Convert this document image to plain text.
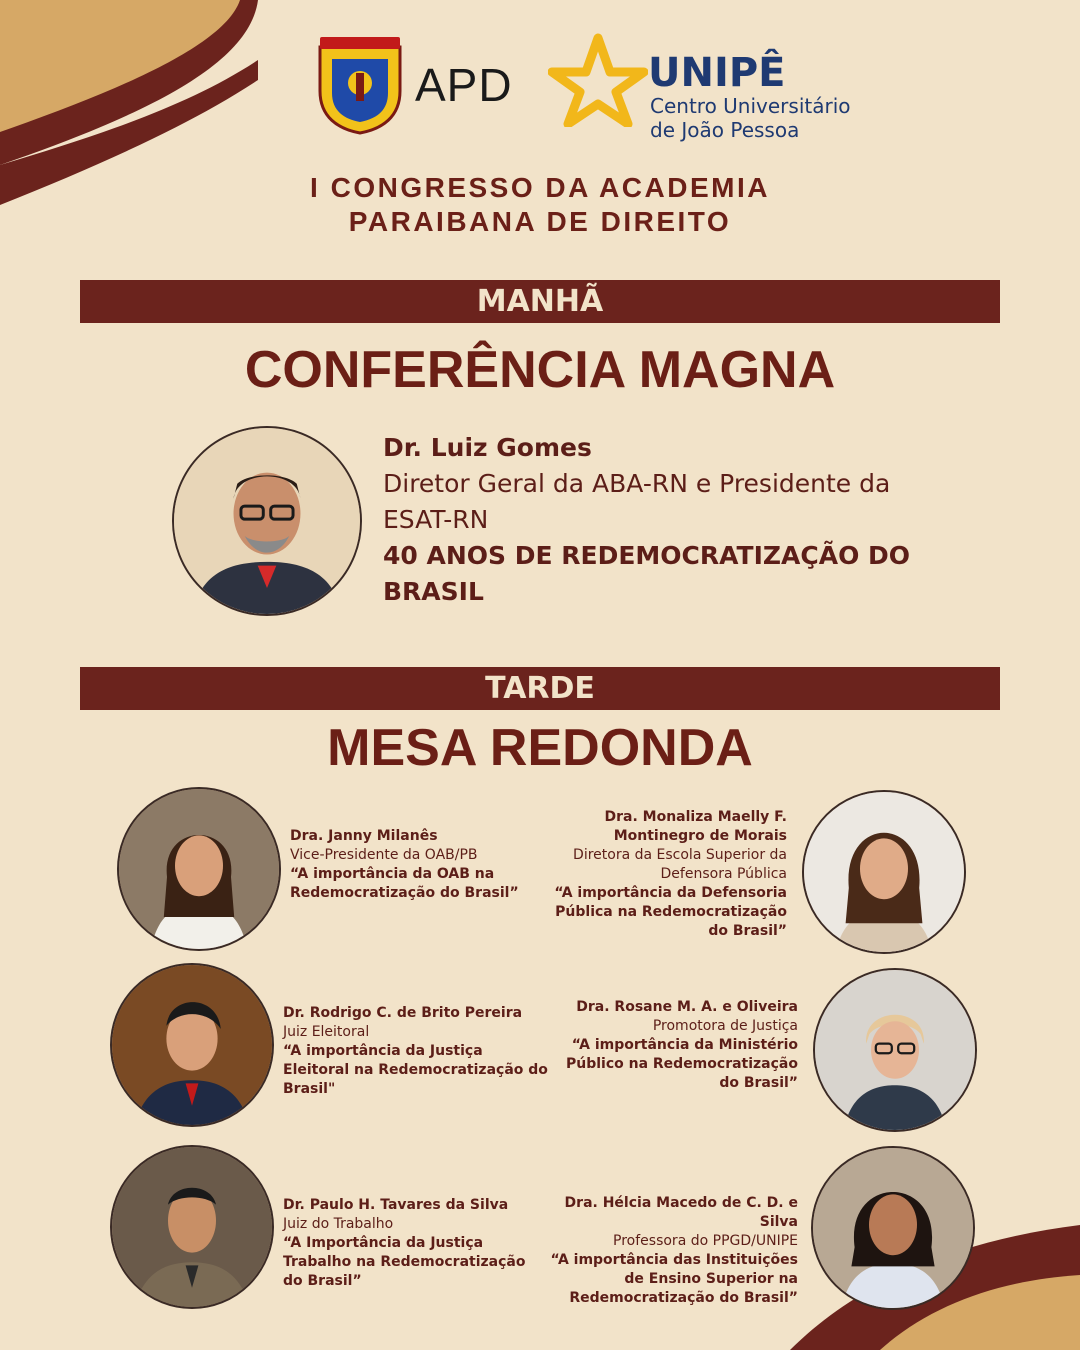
APD	UNIPÊ
Centro Universitário
de João Pessoa
I CONGRESSO DA ACADEMIA
PARAIBANA DE DIREITO
MANHÃ
CONFERÊNCIA MAGNA
Dr. Luiz Gomes
Diretor Geral da ABA-RN e Presidente da
ESAT-RN
40 ANOS DE REDEMOCRATIZAÇÃO DO
BRASIL
TARDE
MESA REDONDA
Dra. Janny Milanês
Vice-Presidente da OAB/PB
“A importância da OAB na
Redemocratização do Brasil”
Dra. Monaliza Maelly F.
Montinegro de Morais
Diretora da Escola Superior da
Defensora Pública
“A importância da Defensoria
Pública na Redemocratização
do Brasil”
Dr. Rodrigo C. de Brito Pereira
Juiz Eleitoral
“A importância da Justiça
Eleitoral na Redemocratização do
Brasil"
Dra. Rosane M. A. e Oliveira
Promotora de Justiça
“A importância da Ministério
Público na Redemocratização
do Brasil”
Dr. Paulo H. Tavares da Silva
Juiz do Trabalho
“A Importância da Justiça
Trabalho na Redemocratização
do Brasil”
Dra. Hélcia Macedo de C. D. e Silva
Professora do PPGD/UNIPE
“A importância das Instituições
de Ensino Superior na
Redemocratização do Brasil”
